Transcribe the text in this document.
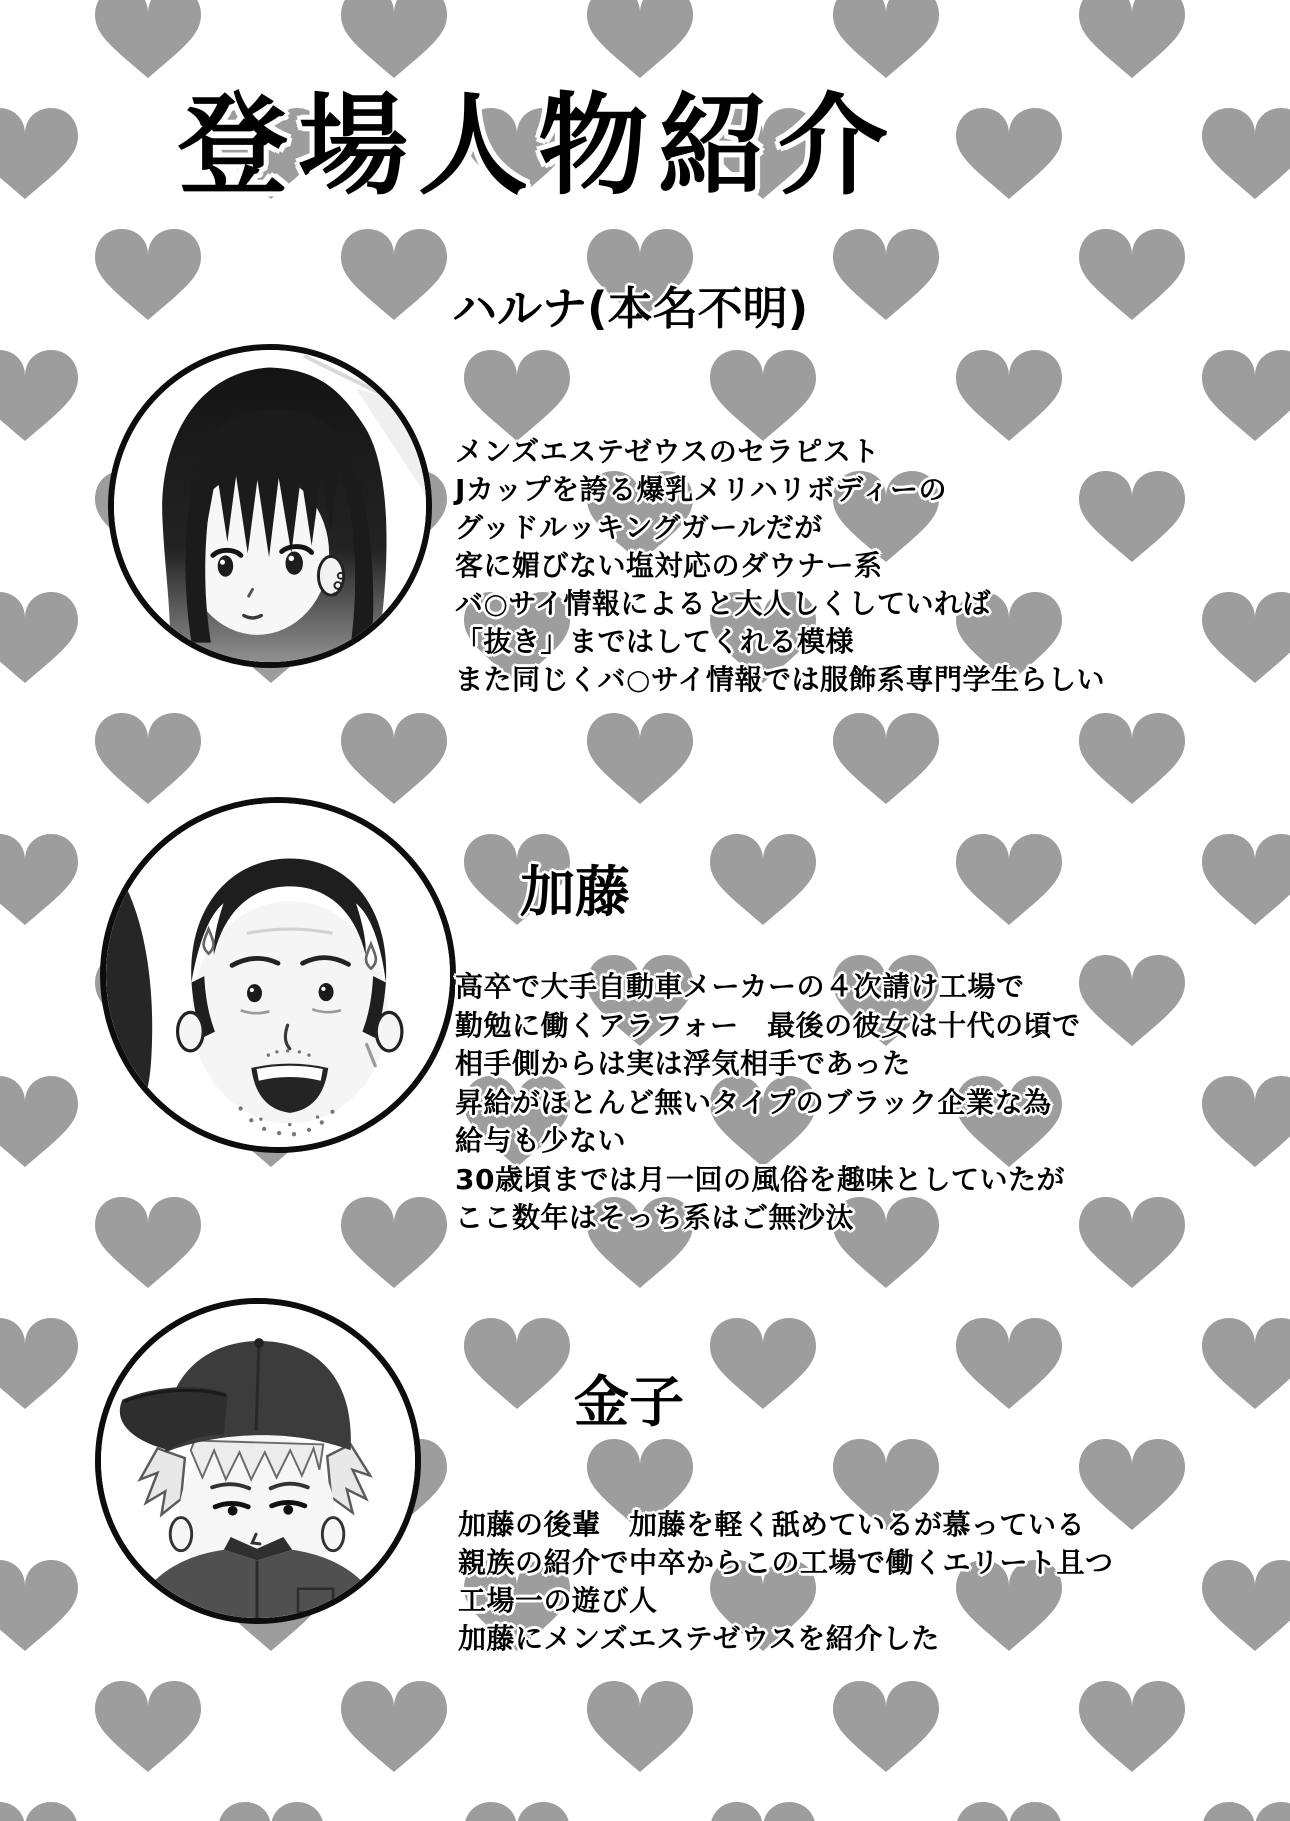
登場人物紹介
ハルナ(本名不明)
メンズエステゼウスのセラピスト
Jカップを誇る爆乳メリハリボディーの
グッドルッキングガールだが
客に媚びない塩対応のダウナー系
バ○サイ情報によると大人しくしていれば
「抜き」まではしてくれる模様
また同じくバ○サイ情報では服飾系専門学生らしい
加藤
高卒で大手自動車メーカーの４次請け工場で
勤勉に働くアラフォー　最後の彼女は十代の頃で
相手側からは実は浮気相手であった
昇給がほとんど無いタイプのブラック企業な為
給与も少ない
30歳頃までは月一回の風俗を趣味としていたが
ここ数年はそっち系はご無沙汰
金子
加藤の後輩　加藤を軽く舐めているが慕っている
親族の紹介で中卒からこの工場で働くエリート且つ
工場一の遊び人
加藤にメンズエステゼウスを紹介した
